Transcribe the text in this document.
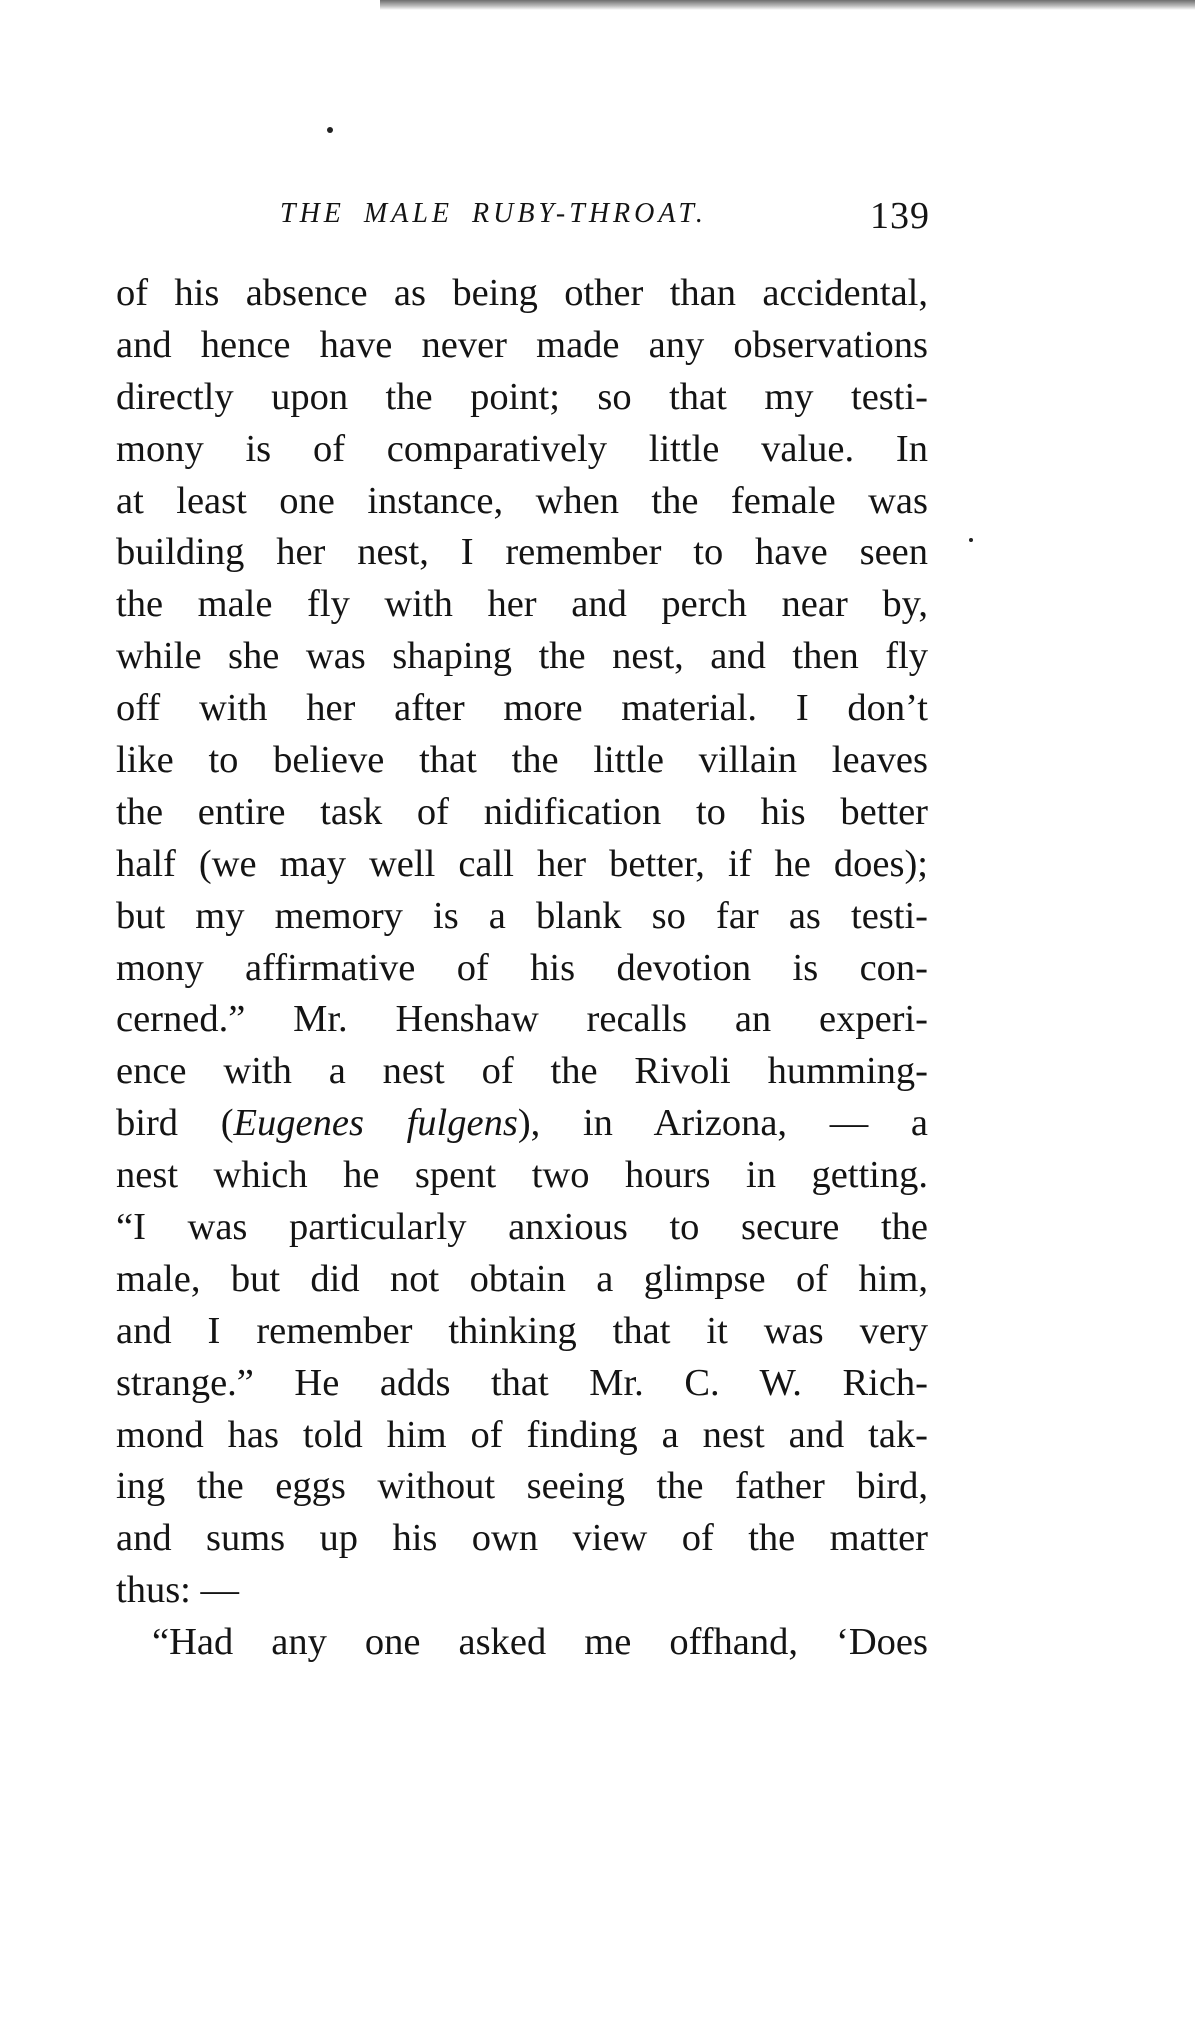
THE MALE RUBY-THROAT.	139
of his absence as being other than accidental,
and hence have never made any observations
directly upon the point; so that my testi-
mony is of comparatively little value. In
at least one instance, when the female was
building her nest, I remember to have seen
the male fly with her and perch near by,
while she was shaping the nest, and then fly
off with her after more material. I don’t
like to believe that the little villain leaves
the entire task of nidification to his better
half (we may well call her better, if he does);
but my memory is a blank so far as testi-
mony affirmative of his devotion is con-
cerned.” Mr. Henshaw recalls an experi-
ence with a nest of the Rivoli humming-
bird (Eugenes fulgens), in Arizona, — a
nest which he spent two hours in getting.
“I was particularly anxious to secure the
male, but did not obtain a glimpse of him,
and I remember thinking that it was very
strange.” He adds that Mr. C. W. Rich-
mond has told him of finding a nest and tak-
ing the eggs without seeing the father bird,
and sums up his own view of the matter
thus: —
“Had any one asked me offhand, ‘Does
